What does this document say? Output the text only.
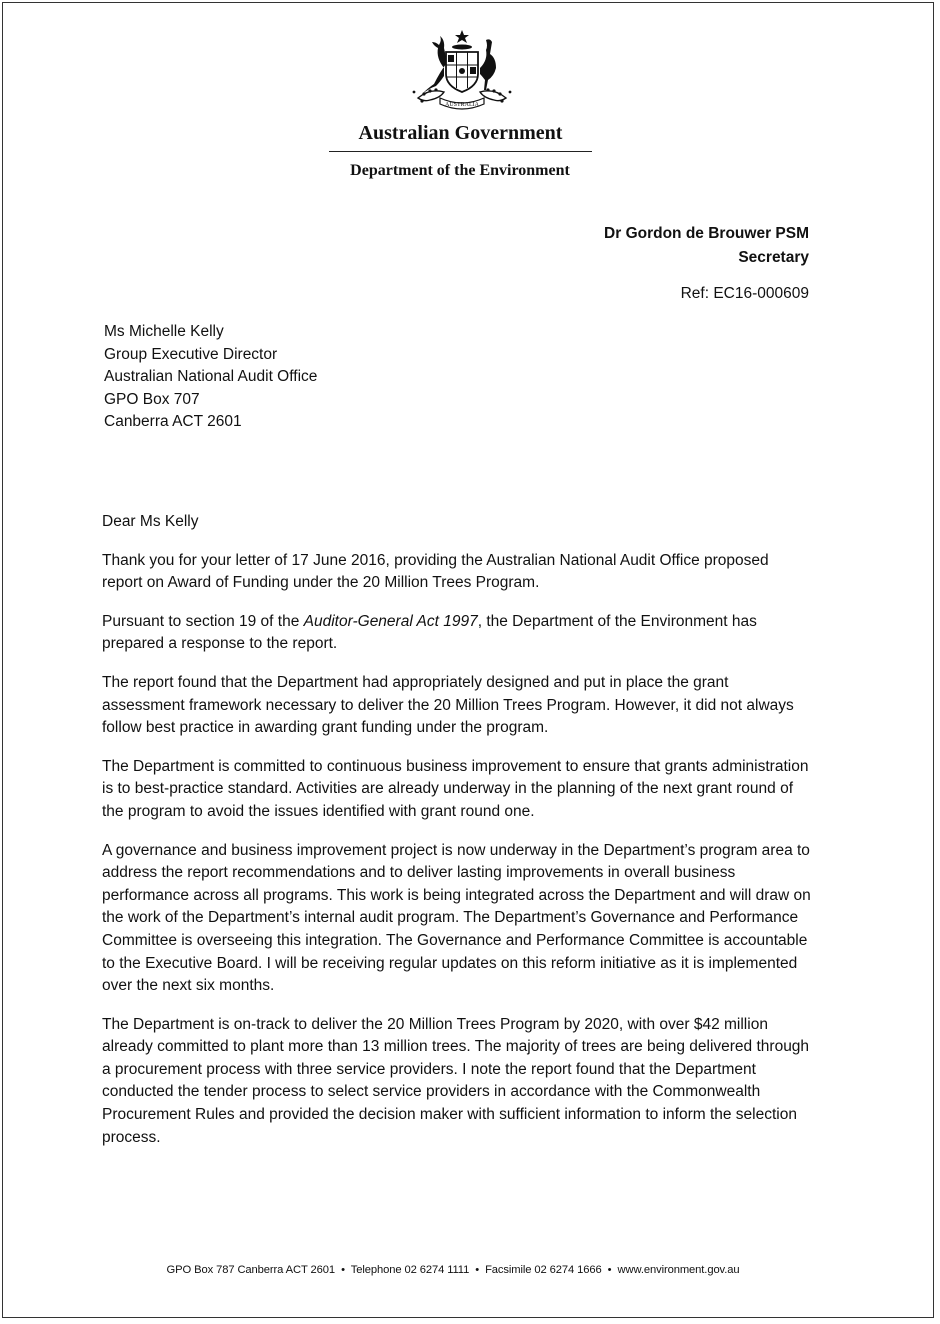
AUSTRALIA
Australian Government
Department of the Environment
Dr Gordon de Brouwer PSM
Secretary
Ref: EC16-000609
Ms Michelle Kelly
Group Executive Director
Australian National Audit Office
GPO Box 707
Canberra ACT 2601

Dear Ms Kelly

Thank you for your letter of 17 June 2016, providing the Australian National Audit Office proposed report on Award of Funding under the 20 Million Trees Program.

Pursuant to section 19 of the Auditor-General Act 1997, the Department of the Environment has prepared a response to the report.

The report found that the Department had appropriately designed and put in place the grant assessment framework necessary to deliver the 20 Million Trees Program. However, it did not always follow best practice in awarding grant funding under the program.

The Department is committed to continuous business improvement to ensure that grants administration is to best-practice standard. Activities are already underway in the planning of the next grant round of the program to avoid the issues identified with grant round one.

A governance and business improvement project is now underway in the Department’s program area to address the report recommendations and to deliver lasting improvements in overall business performance across all programs. This work is being integrated across the Department and will draw on the work of the Department’s internal audit program. The Department’s Governance and Performance Committee is overseeing this integration. The Governance and Performance Committee is accountable to the Executive Board. I will be receiving regular updates on this reform initiative as it is implemented over the next six months.

The Department is on-track to deliver the 20 Million Trees Program by 2020, with over $42 million already committed to plant more than 13 million trees. The majority of trees are being delivered through a procurement process with three service providers. I note the report found that the Department conducted the tender process to select service providers in accordance with the Commonwealth Procurement Rules and provided the decision maker with sufficient information to inform the selection process.

GPO Box 787 Canberra ACT 2601 • Telephone 02 6274 1111 • Facsimile 02 6274 1666 • www.environment.gov.au
